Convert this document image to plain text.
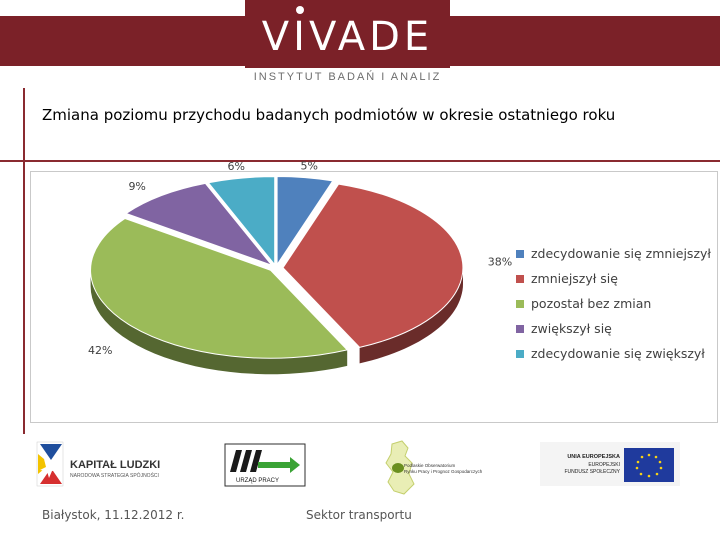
VIVADE
INSTYTUT BADAŃ I ANALIZ

Zmiana poziomu przychodu badanych podmiotów w okresie ostatniego roku

5%
38%
42%
9%
6%
zdecydowanie się zmniejszył
zmniejszył się
pozostał bez zmian
zwiększył się
zdecydowanie się zwiększył
KAPITAŁ LUDZKI
NARODOWA STRATEGIA SPÓJNOŚCI
URZĄD PRACY
Podlaskie Obserwatorium
Rynku Pracy i Prognoz Gospodarczych
UNIA EUROPEJSKA
EUROPEJSKI
FUNDUSZ SPOŁECZNY
Białystok, 11.12.2012 r.	Sektor transportu
